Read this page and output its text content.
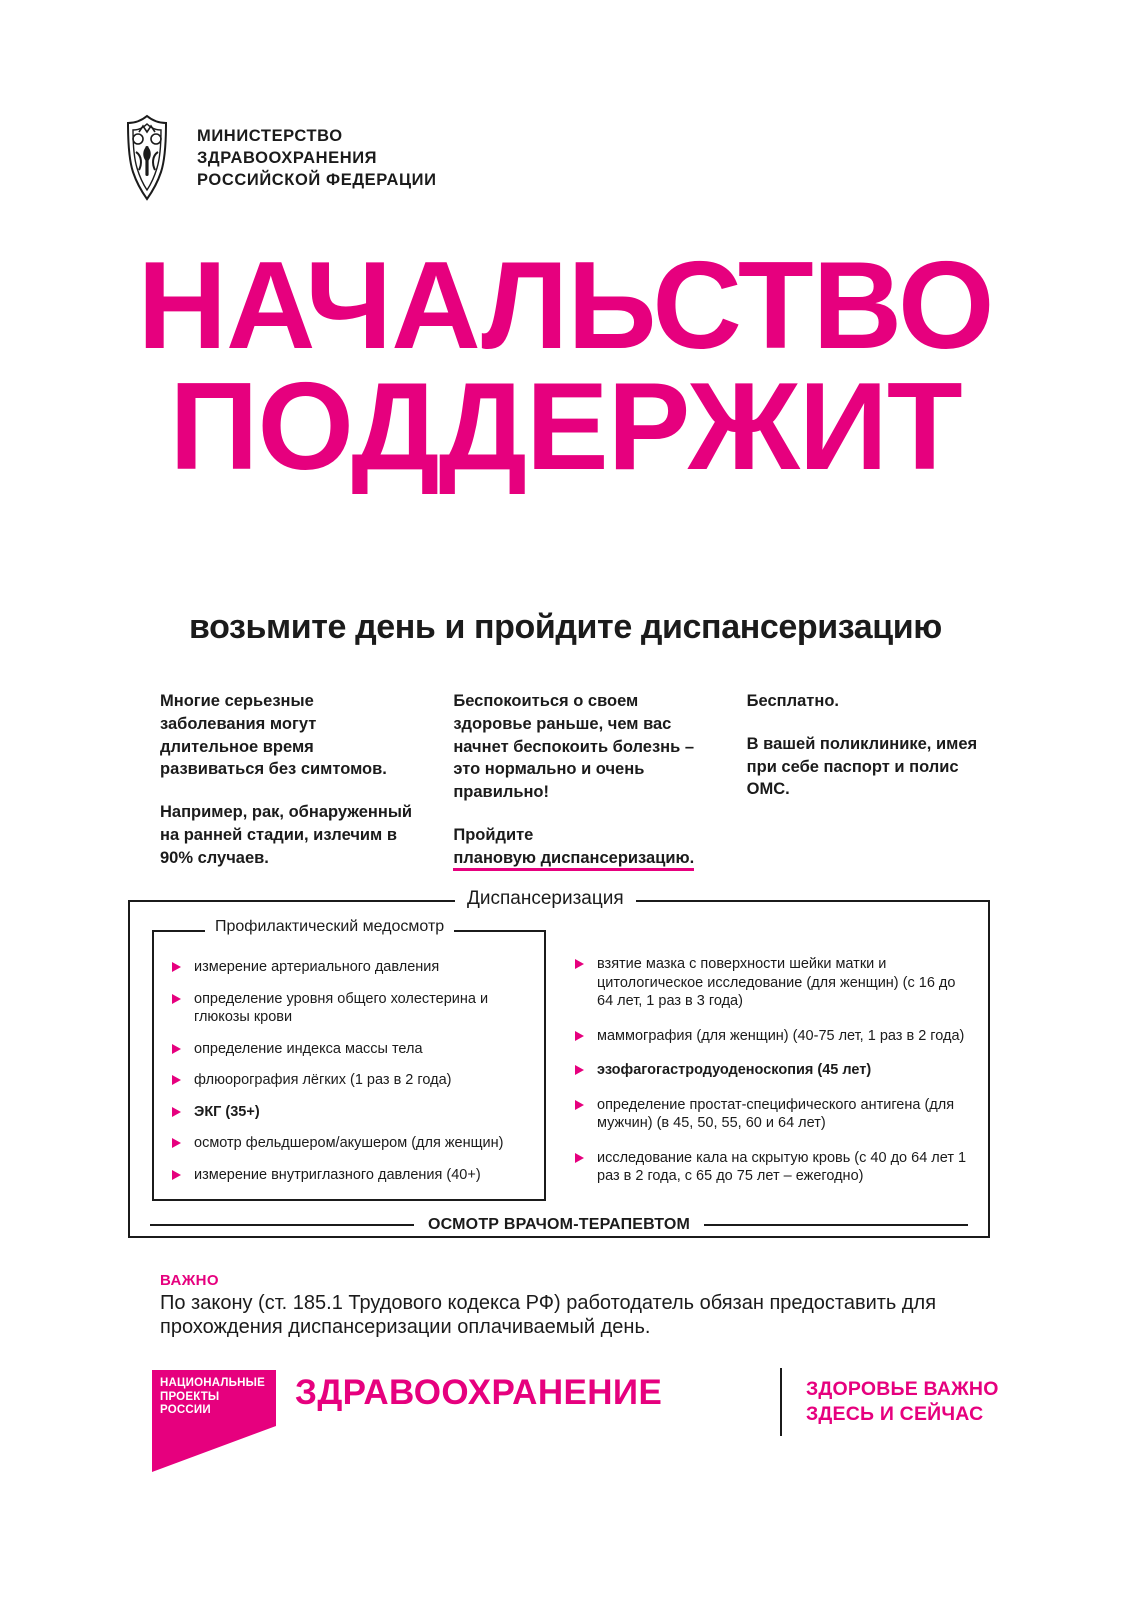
МИНИСТЕРСТВО
ЗДРАВООХРАНЕНИЯ
РОССИЙСКОЙ ФЕДЕРАЦИИ
НАЧАЛЬСТВО
ПОДДЕРЖИТ
возьмите день и пройдите диспансеризацию

Многие серьезные заболевания могут длительное время развиваться без симтомов.

Например, рак, обнаруженный на ранней стадии, излечим в 90% случаев.

Беспокоиться о своем здоровье раньше, чем вас начнет беспокоить болезнь – это нормально и очень правильно!

Пройдите
плановую диспансеризацию.

Бесплатно.

В вашей поликлинике, имея при себе паспорт и полис ОМС.

Диспансеризация
Профилактический медосмотр
измерение артериального давления
определение уровня общего холестерина и глюкозы крови
определение индекса массы тела
флюорография лёгких (1 раз в 2 года)
ЭКГ (35+)
осмотр фельдшером/акушером (для женщин)
измерение внутриглазного давления (40+)
взятие мазка с поверхности шейки матки и цитологическое исследование (для женщин) (с 16 до 64 лет, 1 раз в 3 года)
маммография (для женщин) (40-75 лет, 1 раз в 2 года)
эзофагогастродуоденоскопия (45 лет)
определение простат-специфического антигена (для мужчин) (в 45, 50, 55, 60 и 64 лет)
исследование кала на скрытую кровь (с 40 до 64 лет 1 раз в 2 года, с 65 до 75 лет – ежегодно)
ОСМОТР ВРАЧОМ-ТЕРАПЕВТОМ
ВАЖНО
По закону (ст. 185.1 Трудового кодекса РФ) работодатель обязан предоставить для прохождения диспансеризации оплачиваемый день.
НАЦИОНАЛЬНЫЕ
ПРОЕКТЫ
РОССИИ	ЗДРАВООХРАНЕНИЕ	ЗДОРОВЬЕ ВАЖНО
ЗДЕСЬ И СЕЙЧАС
